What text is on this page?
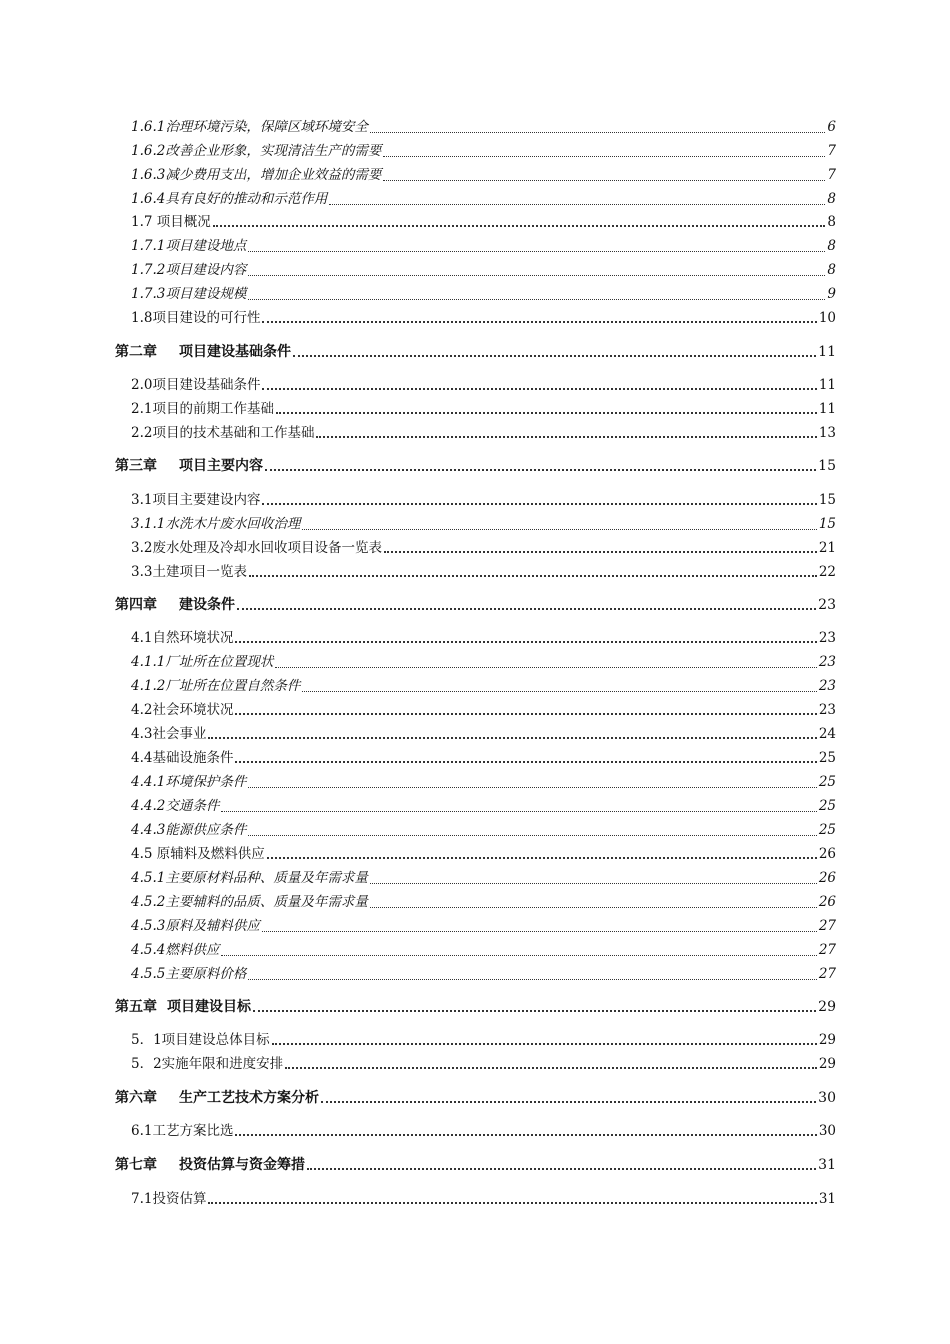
1.6.1治理环境污染，保障区域环境安全	6
1.6.2改善企业形象，实现清洁生产的需要	7
1.6.3减少费用支出，增加企业效益的需要	7
1.6.4具有良好的推动和示范作用	8
1.7 项目概况	8
1.7.1项目建设地点	8
1.7.2项目建设内容	8
1.7.3项目建设规模	9
1.8项目建设的可行性	10
第二章 项目建设基础条件	11
2.0项目建设基础条件	11
2.1项目的前期工作基础	11
2.2项目的技术基础和工作基础	13
第三章 项目主要内容	15
3.1项目主要建设内容	15
3.1.1水洗木片废水回收治理	15
3.2废水处理及冷却水回收项目设备一览表	21
3.3土建项目一览表	22
第四章 建设条件	23
4.1自然环境状况	23
4.1.1厂址所在位置现状	23
4.1.2厂址所在位置自然条件	23
4.2社会环境状况	23
4.3社会事业	24
4.4基础设施条件	25
4.4.1环境保护条件	25
4.4.2交通条件	25
4.4.3能源供应条件	25
4.5 原辅料及燃料供应	26
4.5.1主要原材料品种、质量及年需求量	26
4.5.2主要辅料的品质、质量及年需求量	26
4.5.3原料及辅料供应	27
4.5.4燃料供应	27
4.5.5主要原料价格	27
第五章 项目建设目标	29
5．1项目建设总体目标	29
5．2实施年限和进度安排	29
第六章 生产工艺技术方案分析	30
6.1工艺方案比选	30
第七章 投资估算与资金筹措	31
7.1投资估算	31
